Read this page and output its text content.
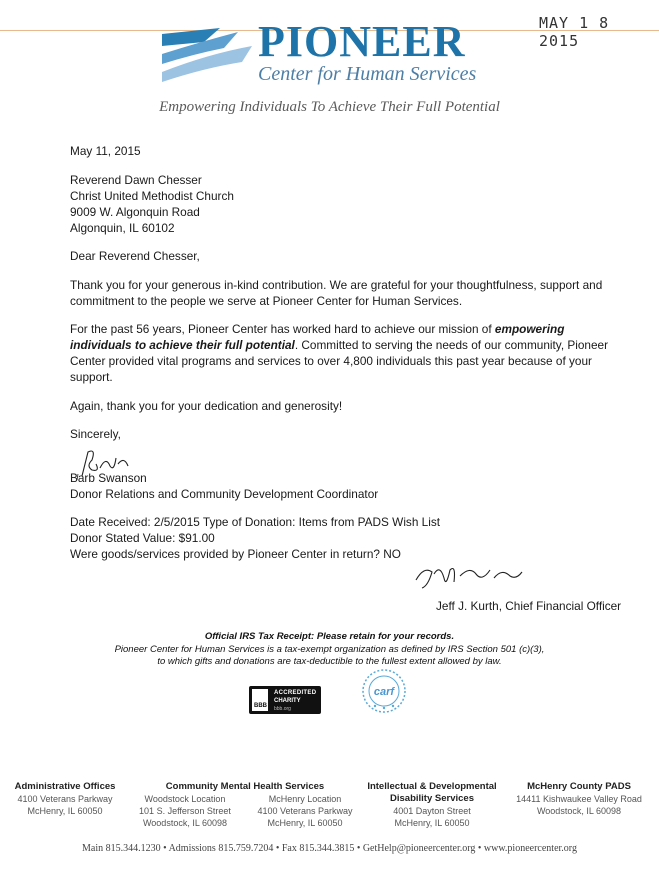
MAY 1 8 2015
PIONEER
Center for Human Services
Empowering Individuals To Achieve Their Full Potential
May 11, 2015
Reverend Dawn Chesser
Christ United Methodist Church
9009 W. Algonquin Road
Algonquin, IL 60102
Dear Reverend Chesser,
Thank you for your generous in-kind contribution. We are grateful for your thoughtfulness, support and commitment to the people we serve at Pioneer Center for Human Services.
For the past 56 years, Pioneer Center has worked hard to achieve our mission of empowering individuals to achieve their full potential. Committed to serving the needs of our community, Pioneer Center provided vital programs and services to over 4,800 individuals this past year because of your support.
Again, thank you for your dedication and generosity!
Sincerely,
Barb Swanson
Donor Relations and Community Development Coordinator
Date Received: 2/5/2015 Type of Donation: Items from PADS Wish List
Donor Stated Value: $91.00
Were goods/services provided by Pioneer Center in return? NO
Jeff J. Kurth, Chief Financial Officer
Official IRS Tax Receipt: Please retain for your records.
Pioneer Center for Human Services is a tax-exempt organization as defined by IRS Section 501 (c)(3),
to which gifts and donations are tax-deductible to the fullest extent allowed by law.
BBB
ACCREDITED
CHARITY
bbb.org
carf
Administrative Offices
4100 Veterans Parkway
McHenry, IL 60050
Community Mental Health Services
Woodstock Location
101 S. Jefferson Street
Woodstock, IL 60098
McHenry Location
4100 Veterans Parkway
McHenry, IL 60050
Intellectual & Developmental
Disability Services
4001 Dayton Street
McHenry, IL 60050
McHenry County PADS
14411 Kishwaukee Valley Road
Woodstock, IL 60098
Main 815.344.1230 • Admissions 815.759.7204 • Fax 815.344.3815 • GetHelp@pioneercenter.org • www.pioneercenter.org
